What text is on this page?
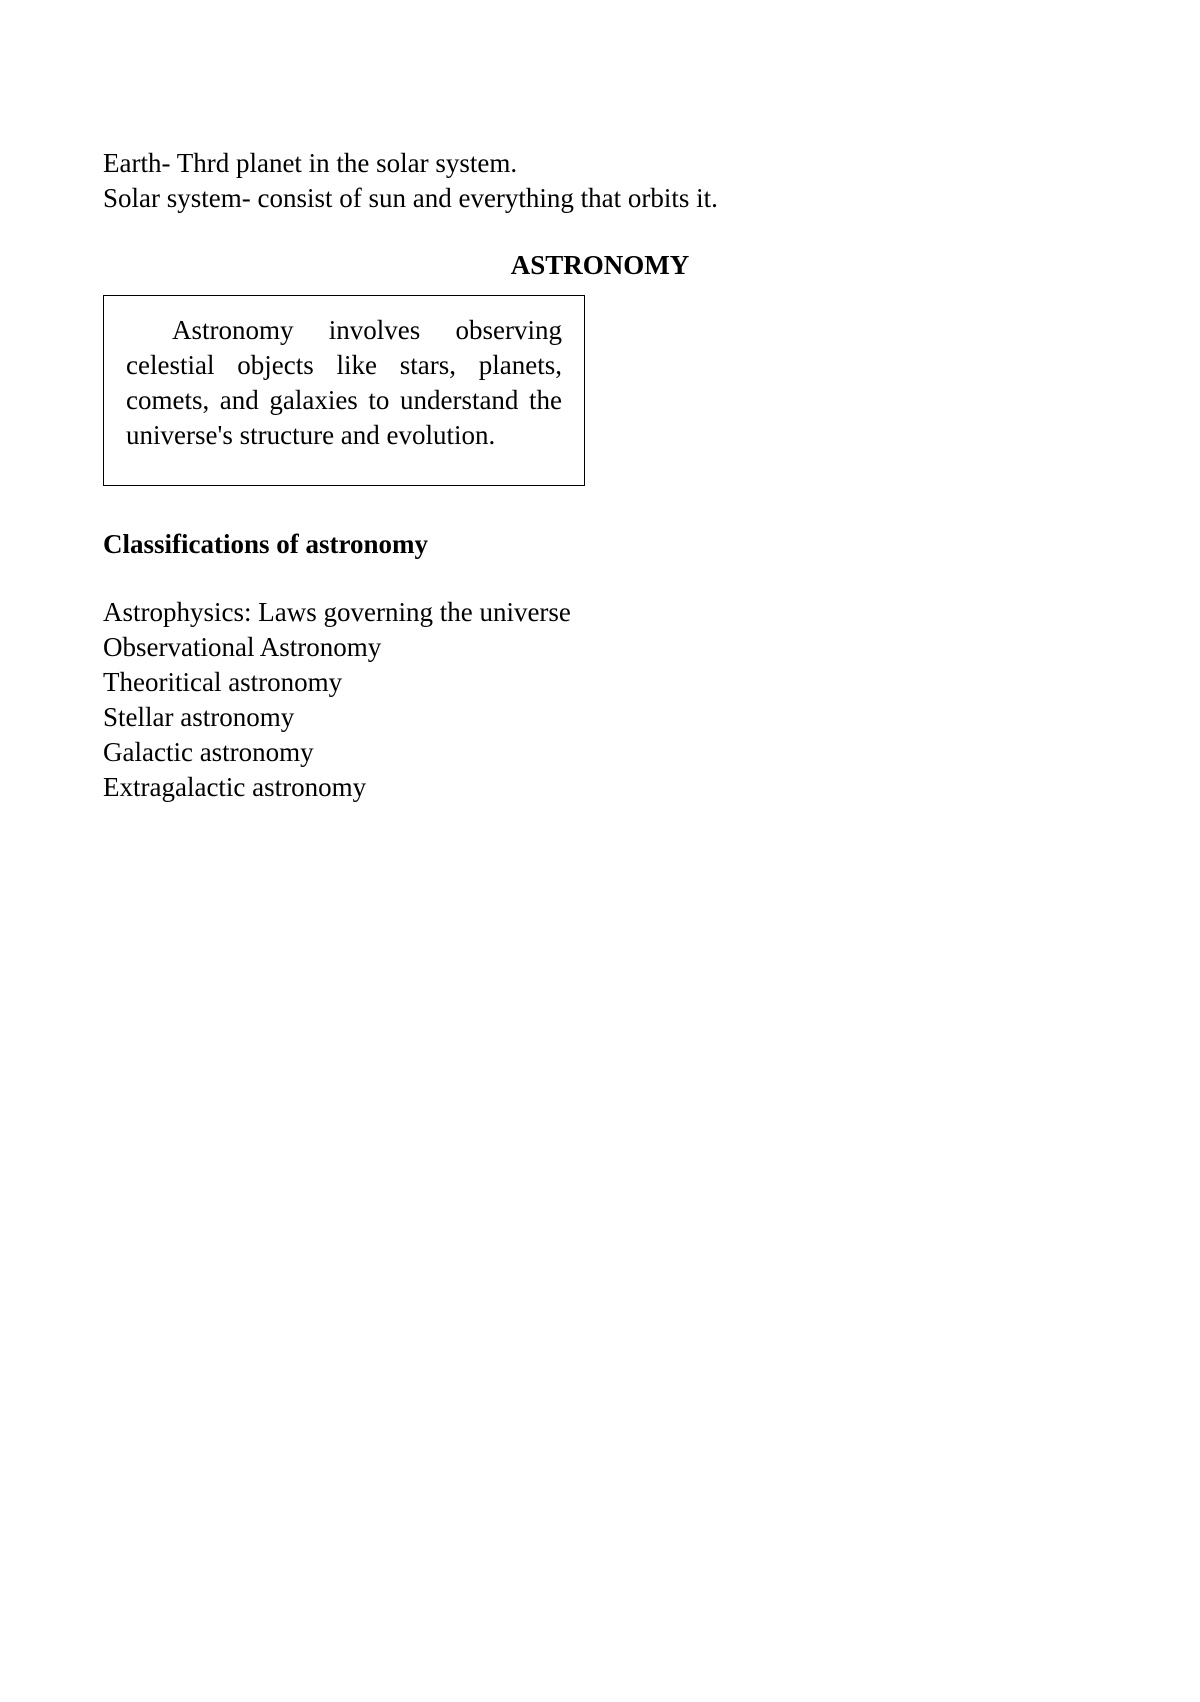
Earth- Thrd planet in the solar system.
Solar system- consist of sun and everything that orbits it.
ASTRONOMY

Astronomy involves observing celestial objects like stars, planets, comets, and galaxies to understand the universe's structure and evolution.

Classifications of astronomy
Astrophysics: Laws governing the universe
Observational Astronomy
Theoritical astronomy
Stellar astronomy
Galactic astronomy
Extragalactic astronomy
